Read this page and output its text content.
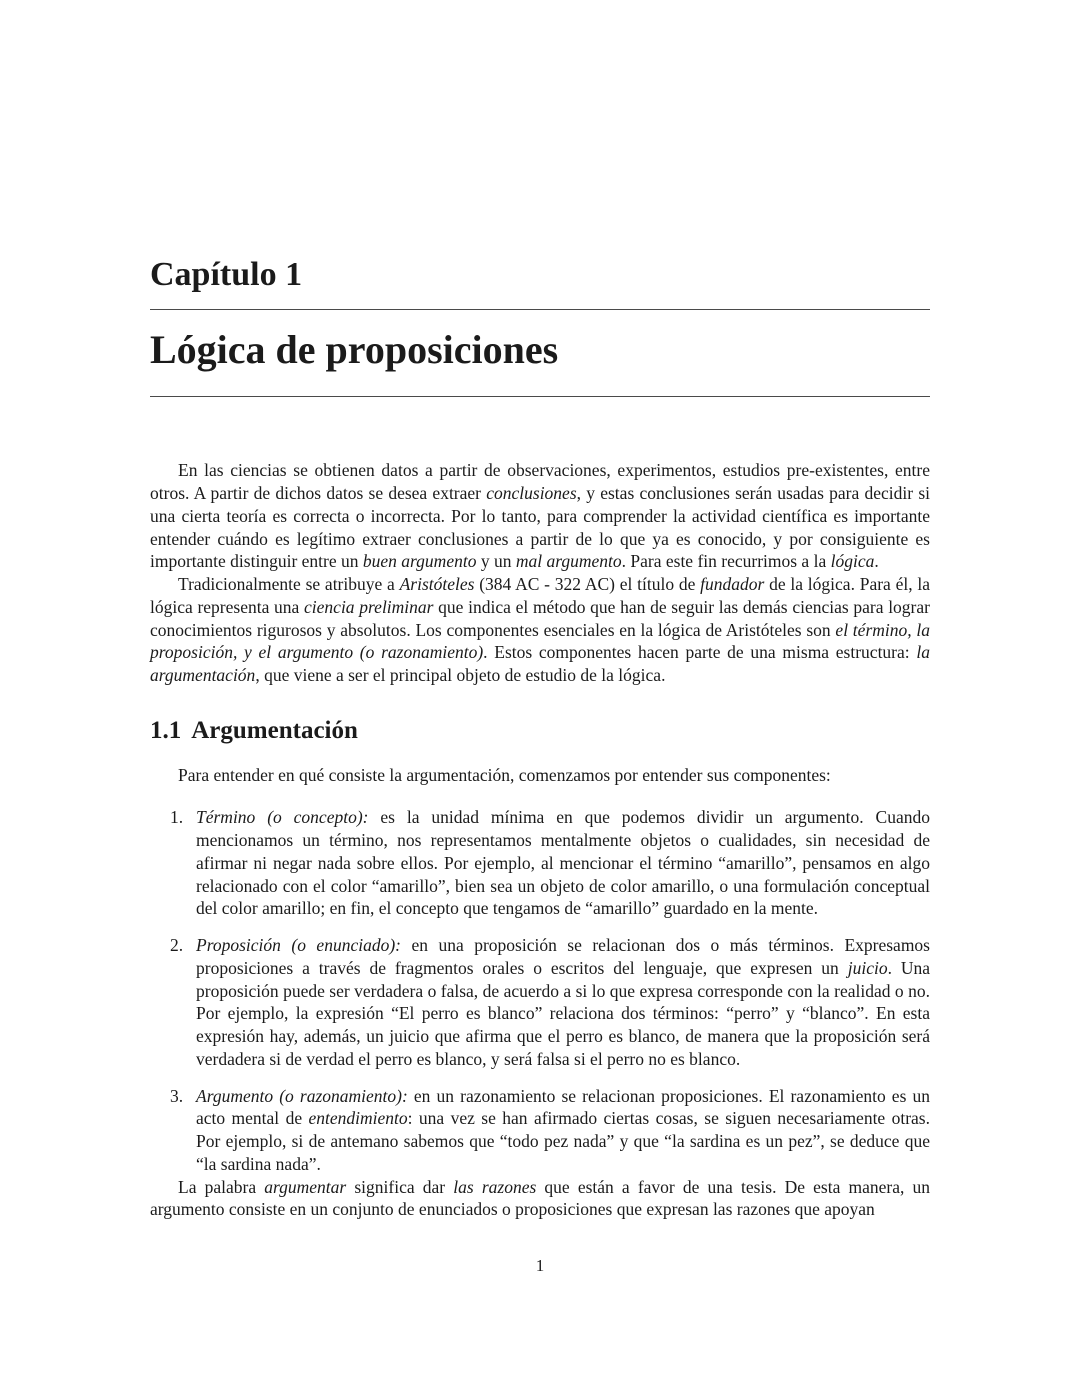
Capítulo 1
Lógica de proposiciones

En las ciencias se obtienen datos a partir de observaciones, experimentos, estudios pre-existentes, entre otros. A partir de dichos datos se desea extraer conclusiones, y estas conclusiones serán usadas para decidir si una cierta teoría es correcta o incorrecta. Por lo tanto, para comprender la actividad científica es importante entender cuándo es legítimo extraer conclusiones a partir de lo que ya es conocido, y por consiguiente es importante distinguir entre un buen argumento y un mal argumento. Para este fin recurrimos a la lógica.

Tradicionalmente se atribuye a Aristóteles (384 AC - 322 AC) el título de fundador de la lógica. Para él, la lógica representa una ciencia preliminar que indica el método que han de seguir las demás ciencias para lograr conocimientos rigurosos y absolutos. Los componentes esenciales en la lógica de Aristóteles son el término, la proposición, y el argumento (o razonamiento). Estos componentes hacen parte de una misma estructura: la argumentación, que viene a ser el principal objeto de estudio de la lógica.

1.1 Argumentación

Para entender en qué consiste la argumentación, comenzamos por entender sus componentes:

1. Término (o concepto): es la unidad mínima en que podemos dividir un argumento. Cuando mencionamos un término, nos representamos mentalmente objetos o cualidades, sin necesidad de afirmar ni negar nada sobre ellos. Por ejemplo, al mencionar el término “amarillo”, pensamos en algo relacionado con el color “amarillo”, bien sea un objeto de color amarillo, o una formulación conceptual del color amarillo; en fin, el concepto que tengamos de “amarillo” guardado en la mente.
2. Proposición (o enunciado): en una proposición se relacionan dos o más términos. Expresamos proposiciones a través de fragmentos orales o escritos del lenguaje, que expresen un juicio. Una proposición puede ser verdadera o falsa, de acuerdo a si lo que expresa corresponde con la realidad o no. Por ejemplo, la expresión “El perro es blanco” relaciona dos términos: “perro” y “blanco”. En esta expresión hay, además, un juicio que afirma que el perro es blanco, de manera que la proposición será verdadera si de verdad el perro es blanco, y será falsa si el perro no es blanco.
3. Argumento (o razonamiento): en un razonamiento se relacionan proposiciones. El razonamiento es un acto mental de entendimiento: una vez se han afirmado ciertas cosas, se siguen necesariamente otras. Por ejemplo, si de antemano sabemos que “todo pez nada” y que “la sardina es un pez”, se deduce que “la sardina nada”.

La palabra argumentar significa dar las razones que están a favor de una tesis. De esta manera, un argumento consiste en un conjunto de enunciados o proposiciones que expresan las razones que apoyan

1
